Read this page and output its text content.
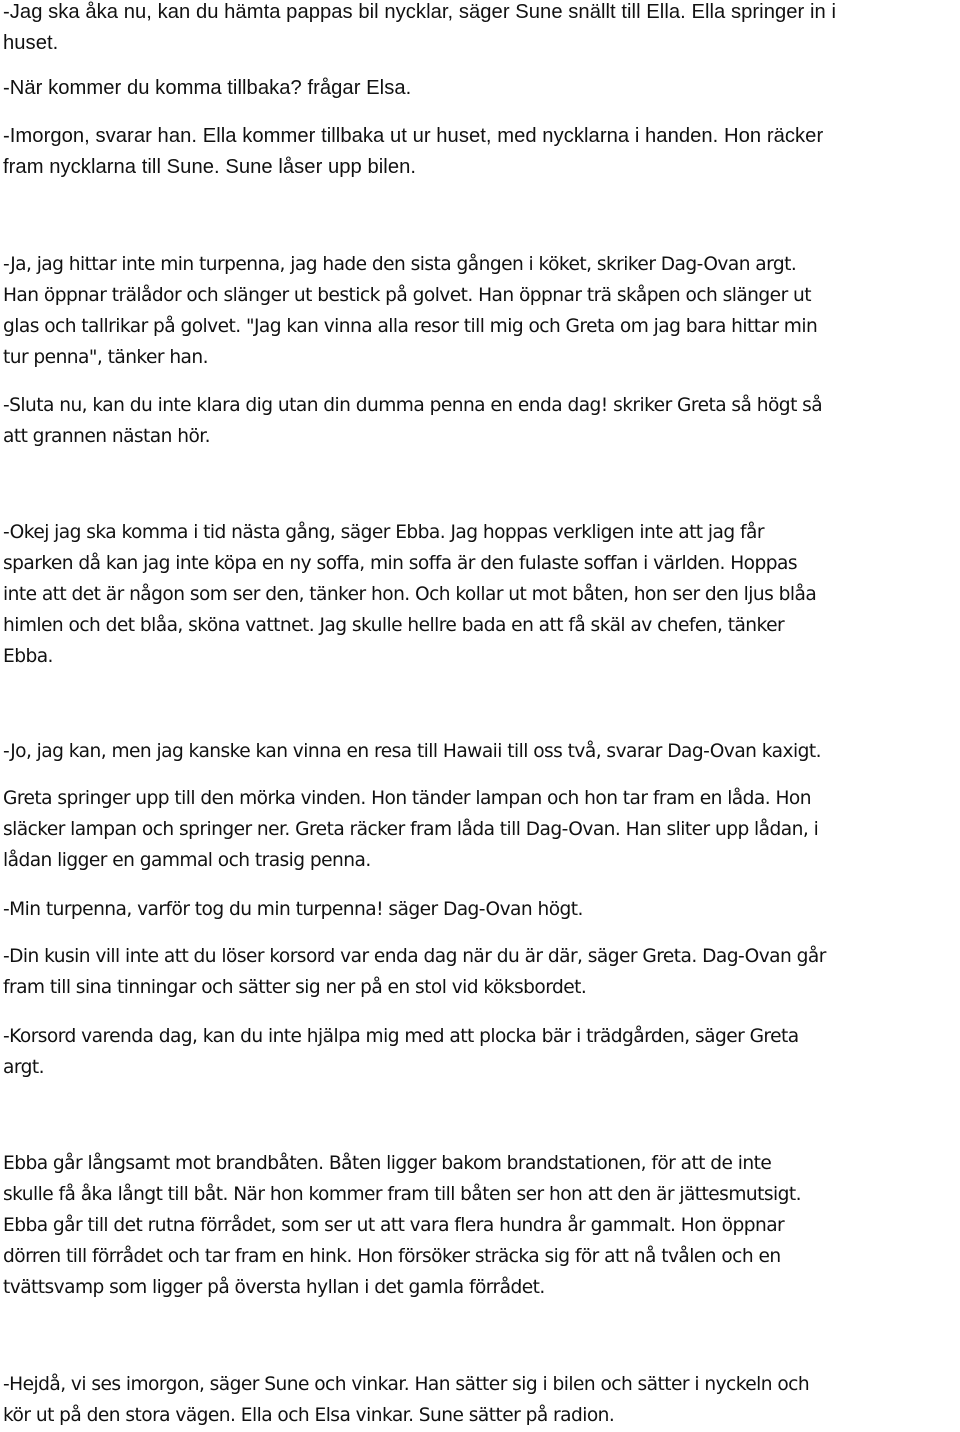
-Jag ska åka nu, kan du hämta pappas bil nycklar, säger Sune snällt till Ella. Ella springer in i
huset.

-När kommer du komma tillbaka? frågar Elsa.

-Imorgon, svarar han. Ella kommer tillbaka ut ur huset, med nycklarna i handen. Hon räcker
fram nycklarna till Sune. Sune låser upp bilen.

-Ja, jag hittar inte min turpenna, jag hade den sista gången i köket, skriker Dag-Ovan argt.
Han öppnar trälådor och slänger ut bestick på golvet. Han öppnar trä skåpen och slänger ut
glas och tallrikar på golvet. "Jag kan vinna alla resor till mig och Greta om jag bara hittar min
tur penna", tänker han.

-Sluta nu, kan du inte klara dig utan din dumma penna en enda dag! skriker Greta så högt så
att grannen nästan hör.

-Okej jag ska komma i tid nästa gång, säger Ebba. Jag hoppas verkligen inte att jag får
sparken då kan jag inte köpa en ny soffa, min soffa är den fulaste soffan i världen. Hoppas
inte att det är någon som ser den, tänker hon. Och kollar ut mot båten, hon ser den ljus blåa
himlen och det blåa, sköna vattnet. Jag skulle hellre bada en att få skäl av chefen, tänker
Ebba.

-Jo, jag kan, men jag kanske kan vinna en resa till Hawaii till oss två, svarar Dag-Ovan kaxigt.

Greta springer upp till den mörka vinden. Hon tänder lampan och hon tar fram en låda. Hon
släcker lampan och springer ner. Greta räcker fram låda till Dag-Ovan. Han sliter upp lådan, i
lådan ligger en gammal och trasig penna.

-Min turpenna, varför tog du min turpenna! säger Dag-Ovan högt.

-Din kusin vill inte att du löser korsord var enda dag när du är där, säger Greta. Dag-Ovan går
fram till sina tinningar och sätter sig ner på en stol vid köksbordet.

-Korsord varenda dag, kan du inte hjälpa mig med att plocka bär i trädgården, säger Greta
argt.

Ebba går långsamt mot brandbåten. Båten ligger bakom brandstationen, för att de inte
skulle få åka långt till båt. När hon kommer fram till båten ser hon att den är jättesmutsigt.
Ebba går till det rutna förrådet, som ser ut att vara flera hundra år gammalt. Hon öppnar
dörren till förrådet och tar fram en hink. Hon försöker sträcka sig för att nå tvålen och en
tvättsvamp som ligger på översta hyllan i det gamla förrådet.

-Hejdå, vi ses imorgon, säger Sune och vinkar. Han sätter sig i bilen och sätter i nyckeln och
kör ut på den stora vägen. Ella och Elsa vinkar. Sune sätter på radion.
